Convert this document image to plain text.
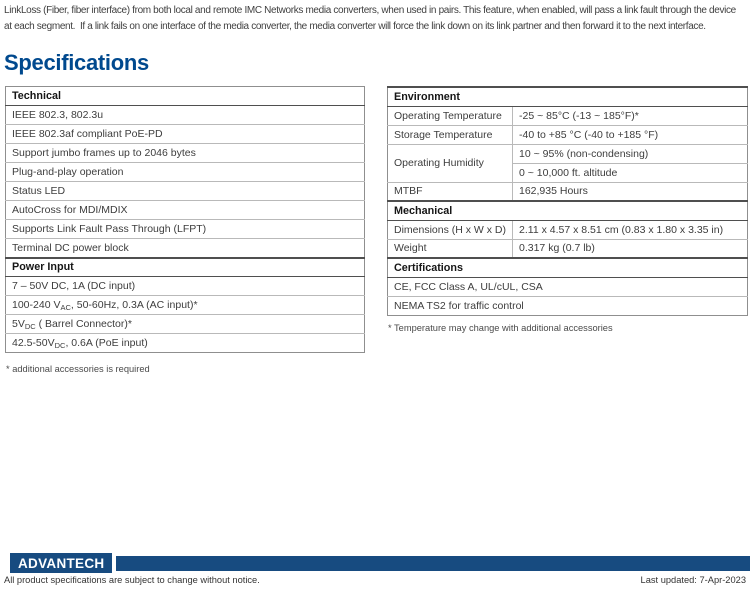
LinkLoss (Fiber, fiber interface) from both local and remote IMC Networks media converters, when used in pairs. This feature, when enabled, will pass a link fault through the device
at each segment.  If a link fails on one interface of the media converter, the media converter will force the link down on its link partner and then forward it to the next interface.
Specifications
Technical
IEEE 802.3, 802.3u
IEEE 802.3af compliant PoE-PD
Support jumbo frames up to 2046 bytes
Plug-and-play operation
Status LED
AutoCross for MDI/MDIX
Supports Link Fault Pass Through (LFPT)
Terminal DC power block
Power Input
7 – 50V DC, 1A (DC input)
100-240 $V_{AC}$, 50-60Hz, 0.3A (AC input)*
$5V_{DC}$ ( Barrel Connector)*
$42.5-50V_{DC}$, 0.6A (PoE input)
* additional accessories is required
Environment	
Operating Temperature	-25 ~ 85°C (-13 ~ 185°F)*
Storage Temperature	-40 to +85 °C (-40 to +185 °F)
Operating Humidity	10 ~ 95% (non-condensing)
	0 ~ 10,000 ft. altitude
MTBF	162,935 Hours
Mechanical	
Dimensions (H x W x D)	2.11 x 4.57 x 8.51 cm (0.83 x 1.80 x 3.35 in)
Weight	0.317 kg (0.7 lb)
Certifications	
CE, FCC Class A, UL/cUL, CSA	
NEMA TS2 for traffic control	
* Temperature may change with additional accessories
ADVANTECH
All product specifications are subject to change without notice.	Last updated: 7-Apr-2023
